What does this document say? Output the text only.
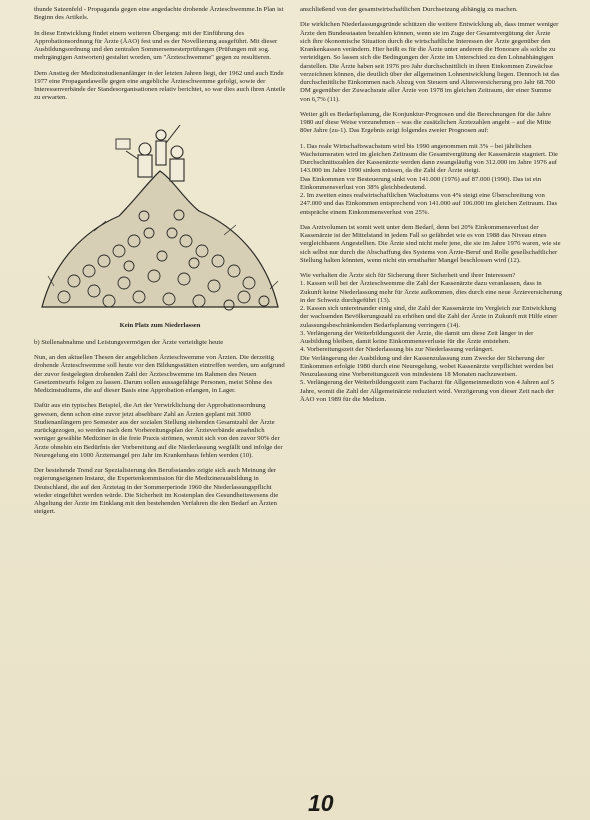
thunde Satzenfeld - Propaganda gegen eine angedachte drohende Ärzteschwemme.In Plan ist Beginn des Artikels.

In diese Entwicklung findet einem weiteren Übergang: mit der Einführung des Approbationsordnung für Ärzte (ÄAO) fest und es der Novellierung ausgeführt. Mit dieser Ausbildungsordnung und den zentralen Sommersemesterprüfungen (Prüfungen mit sog. mehrgängigen Antworten) gestaltet worden, um "Ärzteschwemme" gegen zu resultieren.

Dem Anstieg der Medizinstudienanfänger in der letzten Jahren liegt, der 1962 und auch Ende 1977 eine Propagandawelle gegen eine angebliche Ärzteschwemme gefolgt, sowie der Interessenverbände der Standesorganisationen relativ berichtet, so war dies auch ihren Anteile zu erwarten.

Kein Platz zum Niederlassen

b) Stellenabnahme und Leistungsvermögen der Ärzte verteidigte heute

Nun, an den aktuellen Thesen der angeblichen Ärzteschwemme von Ärzten. Die derzeitig drohende Ärzteschwemme soll heute vor den Bildungsstätten eintreffen werden, um aufgrund der zuvor festgelegten drohenden Zahl der Ärzteschwemme im Rahmen des Neuen Gesetzentwurfs folgen zu lassen. Darum sollen aussagefähige Personen, meist Söhne des Medizinstudiums, die auf dieser Basis eine Approbation erlangen, in Lager.

Dafür aus ein typisches Beispiel, die Art der Verwirklichung der Approbationsordnung gewesen, denn schon eine zuvor jetzt absehbare Zahl an Ärzten geplant mit 3000 Studienanfängern pro Semester aus der sozialen Stellung stehenden Gesamtzahl der Ärzte zurückgezogen, so werden nach dem Vorbereitungsplan der Ärzteverbände ansehnlich weniger gewählte Mediziner in die freie Praxis strömen, womit sich von den zuvor 90% der Ärzte ohnehin ein Bedürfnis der Vorbereitung auf die Niederlassung wegfällt und infolge der Neuregelung ein 1000 Ärztemangel pro Jahr im Krankenhaus fehlen werden (10).

Der bestehende Trend zur Spezialisierung des Berufsstandes zeigte sich auch Meinung der regierungseigenen Instanz, die Expertenkommission für die Medizinerausbildung in Deutschland, die auf den Ärztetag in der Sommerperiode 1960 die Niederlassungspflicht wieder eingeführt werden würde. Die Sicherheit im Kostenplan des Gesundheitswesens die Abgeltung der Ärzte im Einklang mit den bestehenden Verfahren die den Bedarf an Ärzten steigert.

anschließend von der gesamtwirtschaftlichen Durchsetzung abhängig zu machen.

Die wirklichen Niederlassungsgründe schützen die weitere Entwicklung ab, dass immer weniger Ärzte den Bundesstaaten bezahlen können, wenn sie im Zuge der Gesamtvergütung der Ärzte sich ihre ökonomische Situation durch die wirtschaftliche Interessen der Ärzte gegenüber den Krankenkassen verändern. Hier heißt es für die Ärzte unter anderem die Honorare als solche zu verteidigen. So lassen sich die Bedingungen der Ärzte im Unterschied zu den Lohnabhängigen darstellen. Die Ärzte haben seit 1976 pro Jahr durchschnittlich in ihren Einkommen Zuwächse verzeichnen können, die deutlich über der allgemeinen Lohnentwicklung liegen. Dennoch ist das durchschnittliche Einkommen nach Abzug von Steuern und Altersversicherung pro Jahr 68.700 DM gegenüber der Zuwachsrate aller Ärzte von 1978 im gleichen Zeitraum, der einer Summe von 6,7% (11).

Weiter gilt es Bedarfsplanung, die Konjunktur-Prognosen und die Berechnungen für die Jahre 1980 auf diese Weise vorzunehmen – was die zusätzlichen Ärztezahlen angeht – auf die Mitte 80er Jahre (zu-1). Das Ergebnis zeigt folgendes zweier Prognosen auf:

1. Das reale Wirtschaftswachstum wird bis 1990 angenommen mit 3% – bei jährlichen Wachstumsraten wird im gleichen Zeitraum die Gesamtvergütung der Kassenärzte stagniert. Die Durchschnittszahlen der Kassenärzte werden dann zwangsläufig von 312.000 im Jahre 1976 auf 143.000 im Jahre 1990 sinken müssen, da die Zahl der Ärzte steigt.

Das Einkommen vor Besteuerung sinkt von 141.000 (1976) auf 87.000 (1990). Das ist ein Einkommensverlust von 38% gleichbedeutend.

2. Im zweiten eines realwirtschaftlichen Wachstums von 4% steigt eine Überschreitung von 247.000 und das Einkommen entsprechend von 141.000 auf 106.000 im gleichen Zeitraum. Das entspräche einem Einkommensverlust von 25%.

Das Arztvolumen ist somit weit unter dem Bedarf, denn bei 20% Einkommensverlust der Kassenärzte ist der Mittelstand in jedem Fall so gefährdet wie es von 1988 das Niveau eines vergleichbaren Angestellten. Die Ärzte sind nicht mehr jene, die sie im Jahre 1976 waren, wie sie sich selbst nur durch die Abschaffung des Systems von Ärzte-Beruf und Rolle gesellschaftlicher Stellung halten könnten, wenn nicht ein ernsthafter Mangel beschlossen wird (12).

Wie verhalten die Ärzte sich für Sicherung ihrer Sicherheit und ihrer Interessen?

1. Kassen will bei der Ärzteschwemme die Zahl der Kassenärzte dazu veranlassen, dass in Zukunft keine Niederlassung mehr für Ärzte aufkommen, dies durch eine neue Ärzteversicherung in der Schweiz durchgeführt (13).

2. Kassen sich untereinander einig sind, die Zahl der Kassenärzte im Vergleich zur Entwicklung der wachsenden Bevölkerungszahl zu erhöhen und die Zahl der Ärzte in Zukunft mit Hilfe einer zulassungsbeschränkenden Bedarfsplanung verringern (14).

3. Verlängerung der Weiterbildungszeit der Ärzte, die damit um diese Zeit länger in der Ausbildung bleiben, damit keine Einkommensverluste für die Ärzte entstehen.

4. Vorbereitungszeit der Niederlassung bis zur Niederlassung verlängert.

Die Verlängerung der Ausbildung und der Kassenzulassung zum Zwecke der Sicherung der Einkommen erfolgte 1980 durch eine Neuregelung, wobei Kassenärzte verpflichtet werden bei Neuzulassung eine Vorbereitungszeit von mindestens 18 Monaten nachzuweisen.

5. Verlängerung der Weiterbildungszeit zum Facharzt für Allgemeinmedizin von 4 Jahren auf 5 Jahre, womit die Zahl der Allgemeinärzte reduziert wird. Verzögerung von dieser Zeit nach der ÄAO von 1989 für die Medizin.

10
